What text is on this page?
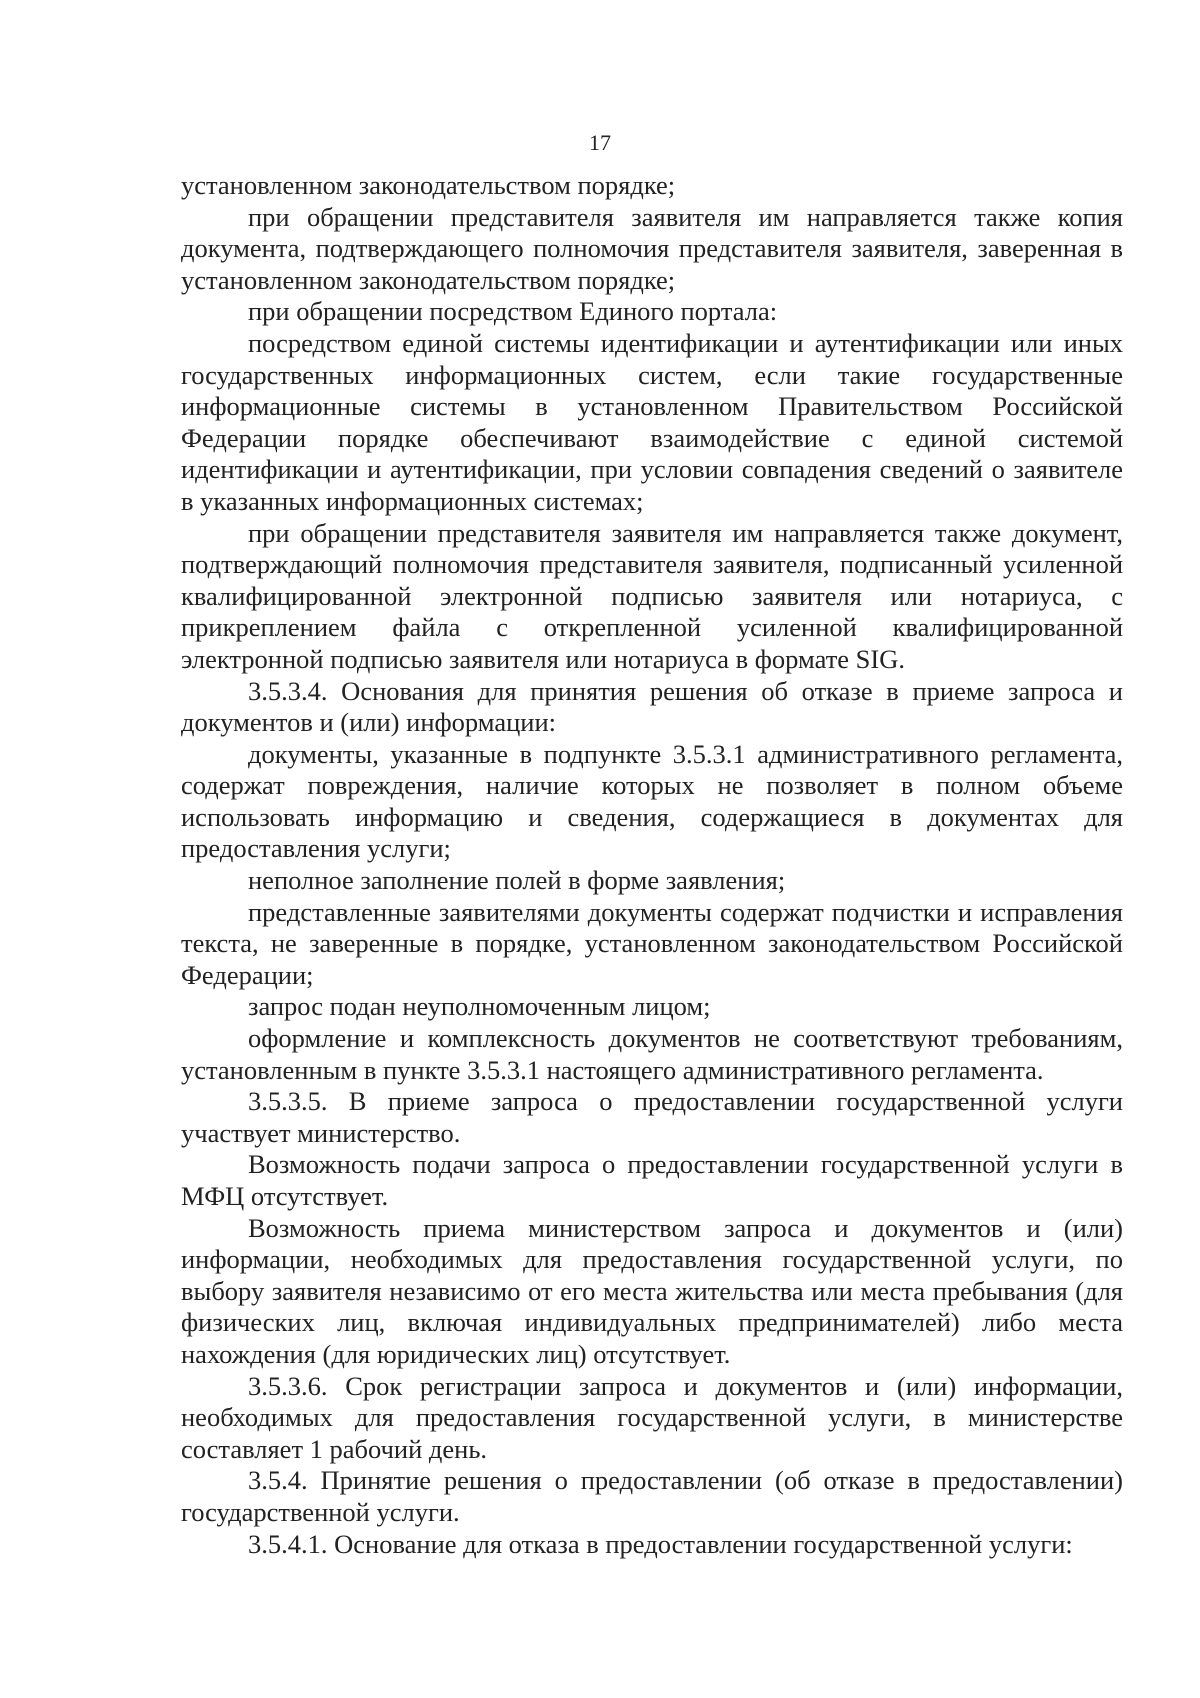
17

установленном законодательством порядке;

при обращении представителя заявителя им направляется также копия документа, подтверждающего полномочия представителя заявителя, заверенная в установленном законодательством порядке;

при обращении посредством Единого портала:

посредством единой системы идентификации и аутентификации или иных государственных информационных систем, если такие государственные информационные системы в установленном Правительством Российской Федерации порядке обеспечивают взаимодействие с единой системой идентификации и аутентификации, при условии совпадения сведений о заявителе в указанных информационных системах;

при обращении представителя заявителя им направляется также документ, подтверждающий полномочия представителя заявителя, подписанный усиленной квалифицированной электронной подписью заявителя или нотариуса, с прикреплением файла с открепленной усиленной квалифицированной электронной подписью заявителя или нотариуса в формате SIG.

3.5.3.4. Основания для принятия решения об отказе в приеме запроса и документов и (или) информации:

документы, указанные в подпункте 3.5.3.1 административного регламента, содержат повреждения, наличие которых не позволяет в полном объеме использовать информацию и сведения, содержащиеся в документах для предоставления услуги;

неполное заполнение полей в форме заявления;

представленные заявителями документы содержат подчистки и исправления текста, не заверенные в порядке, установленном законодательством Российской Федерации;

запрос подан неуполномоченным лицом;

оформление и комплексность документов не соответствуют требованиям, установленным в пункте 3.5.3.1 настоящего административного регламента.

3.5.3.5. В приеме запроса о предоставлении государственной услуги участвует министерство.

Возможность подачи запроса о предоставлении государственной услуги в МФЦ отсутствует.

Возможность приема министерством запроса и документов и (или) информации, необходимых для предоставления государственной услуги, по выбору заявителя независимо от его места жительства или места пребывания (для физических лиц, включая индивидуальных предпринимателей) либо места нахождения (для юридических лиц) отсутствует.

3.5.3.6. Срок регистрации запроса и документов и (или) информации, необходимых для предоставления государственной услуги, в министерстве составляет 1 рабочий день.

3.5.4. Принятие решения о предоставлении (об отказе в предоставлении) государственной услуги.

3.5.4.1. Основание для отказа в предоставлении государственной услуги:
